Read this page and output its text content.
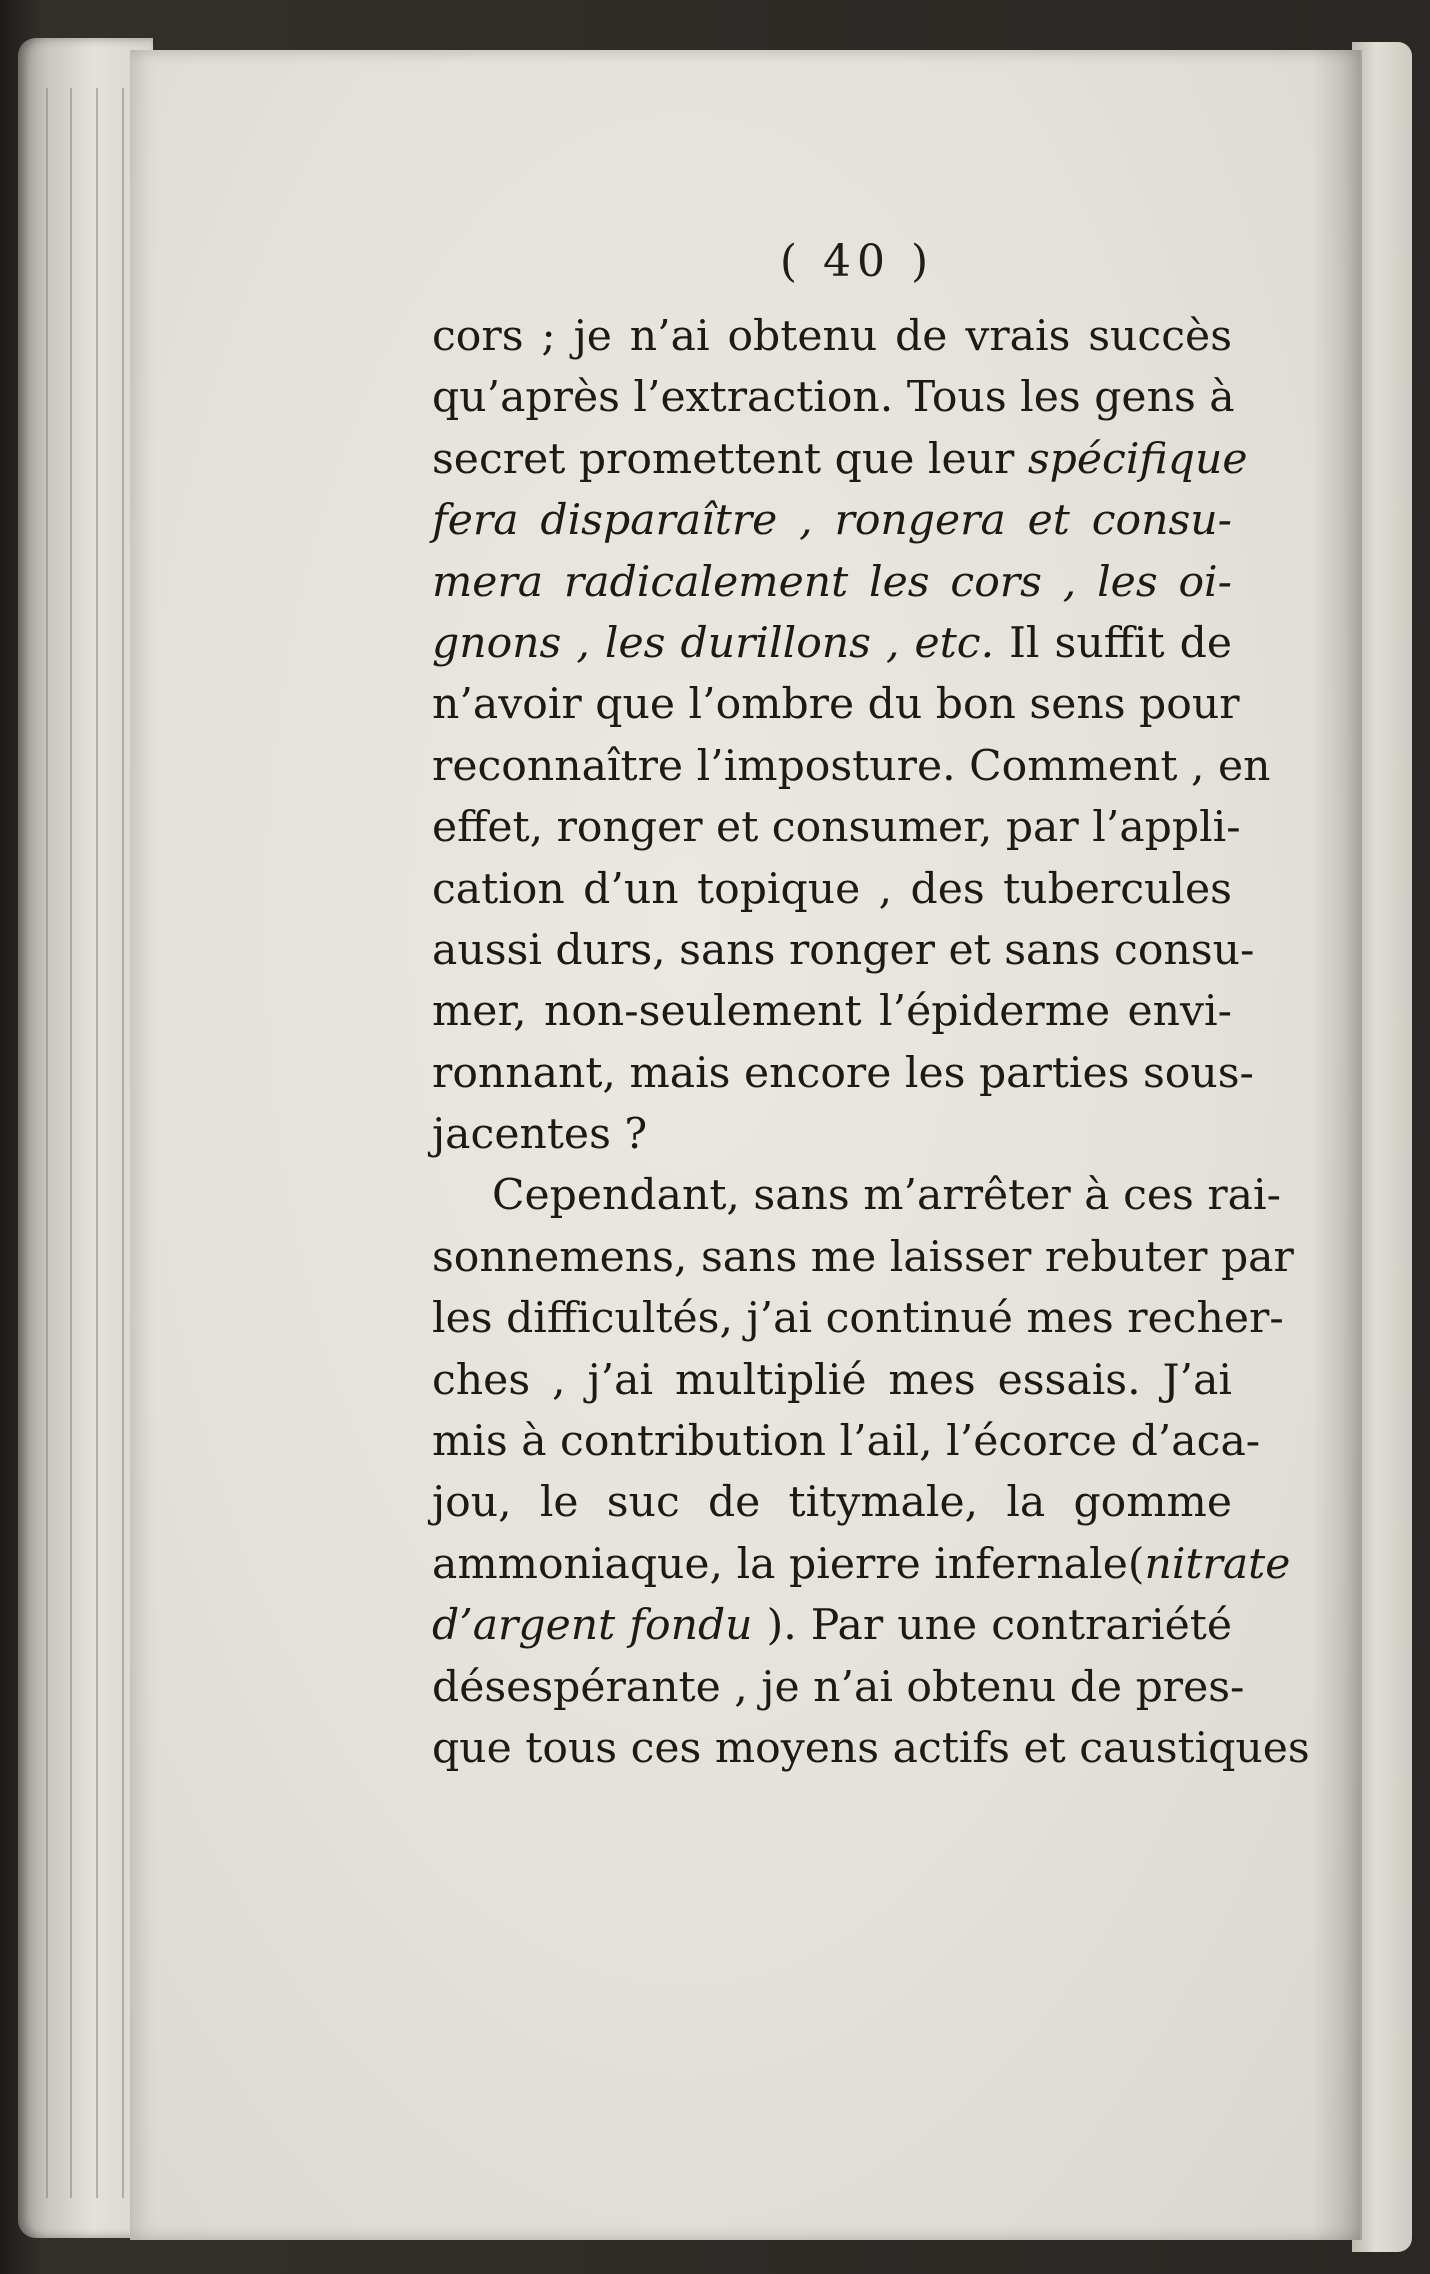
( 40 )
cors ; je n’ai obtenu de vrais succès
qu’après l’extraction. Tous les gens à
secret promettent que leur spécifique
fera disparaître , rongera et consu-
mera radicalement les cors , les oi-
gnons , les durillons , etc. Il suffit de
n’avoir que l’ombre du bon sens pour
reconnaître l’imposture. Comment , en
effet, ronger et consumer, par l’appli-
cation d’un topique , des tubercules
aussi durs, sans ronger et sans consu-
mer, non-seulement l’épiderme envi-
ronnant, mais encore les parties sous-
jacentes ?
Cependant, sans m’arrêter à ces rai-
sonnemens, sans me laisser rebuter par
les difficultés, j’ai continué mes recher-
ches , j’ai multiplié mes essais. J’ai
mis à contribution l’ail, l’écorce d’aca-
jou, le suc de titymale, la gomme
ammoniaque, la pierre infernale(nitrate
d’argent fondu ). Par une contrariété
désespérante , je n’ai obtenu de pres-
que tous ces moyens actifs et caustiques
